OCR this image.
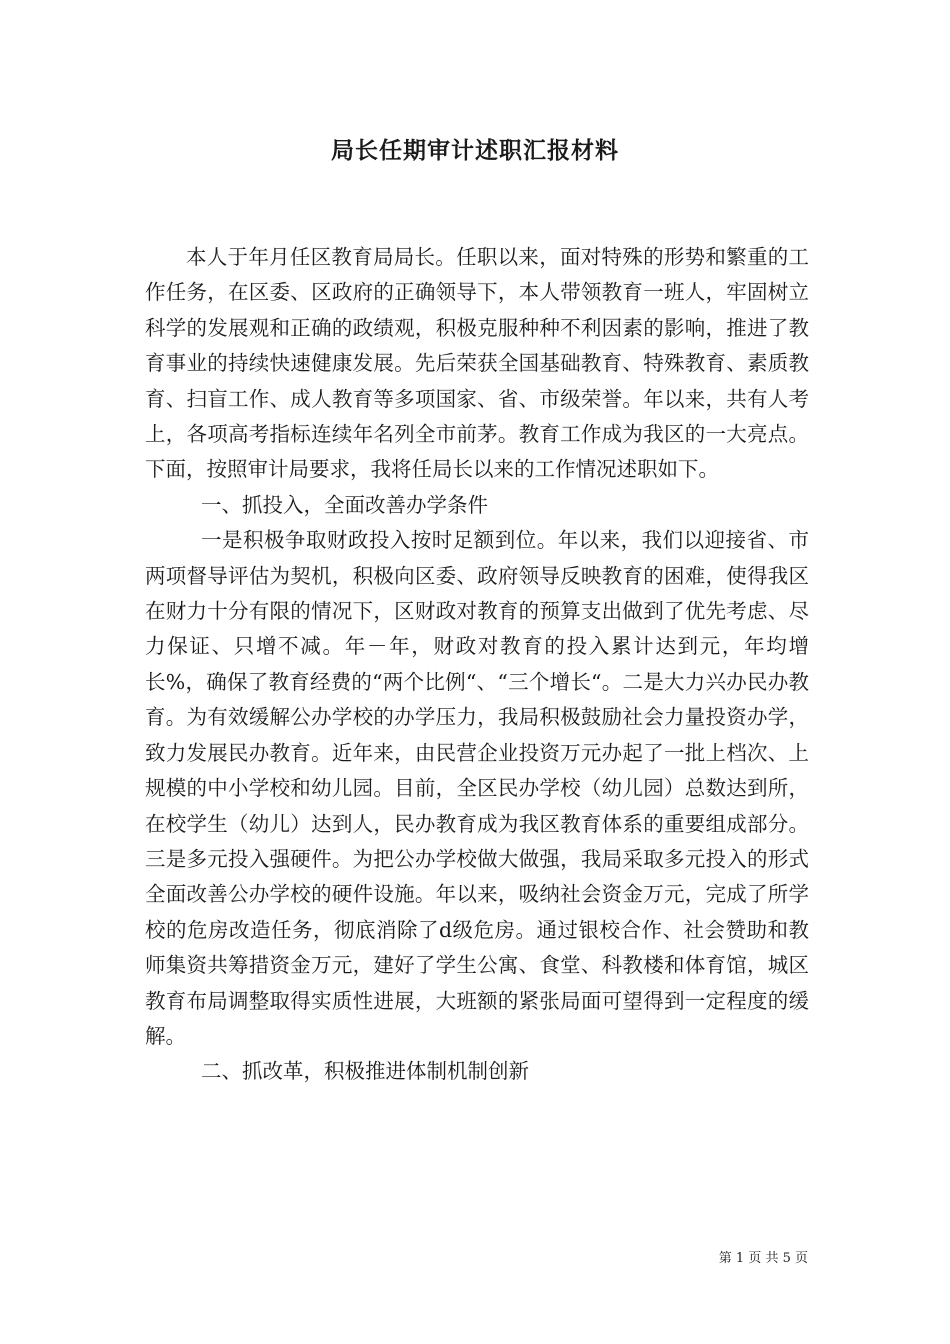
局长任期审计述职汇报材料

本人于年月任区教育局局长。任职以来，面对特殊的形势和繁重的工作任务，在区委、区政府的正确领导下，本人带领教育一班人，牢固树立科学的发展观和正确的政绩观，积极克服种种不利因素的影响，推进了教育事业的持续快速健康发展。先后荣获全国基础教育、特殊教育、素质教育、扫盲工作、成人教育等多项国家、省、市级荣誉。年以来，共有人考上，各项高考指标连续年名列全市前茅。教育工作成为我区的一大亮点。下面，按照审计局要求，我将任局长以来的工作情况述职如下。

一、抓投入，全面改善办学条件

一是积极争取财政投入按时足额到位。年以来，我们以迎接省、市两项督导评估为契机，积极向区委、政府领导反映教育的困难，使得我区在财力十分有限的情况下，区财政对教育的预算支出做到了优先考虑、尽力保证、只增不减。年－年，财政对教育的投入累计达到元，年均增长%，确保了教育经费的“两个比例“、“三个增长“。二是大力兴办民办教育。为有效缓解公办学校的办学压力，我局积极鼓励社会力量投资办学，致力发展民办教育。近年来，由民营企业投资万元办起了一批上档次、上规模的中小学校和幼儿园。目前，全区民办学校（幼儿园）总数达到所，在校学生（幼儿）达到人，民办教育成为我区教育体系的重要组成部分。三是多元投入强硬件。为把公办学校做大做强，我局采取多元投入的形式全面改善公办学校的硬件设施。年以来，吸纳社会资金万元，完成了所学校的危房改造任务，彻底消除了d级危房。通过银校合作、社会赞助和教师集资共筹措资金万元，建好了学生公寓、食堂、科教楼和体育馆，城区教育布局调整取得实质性进展，大班额的紧张局面可望得到一定程度的缓解。

二、抓改革，积极推进体制机制创新

第 1 页 共 5 页
